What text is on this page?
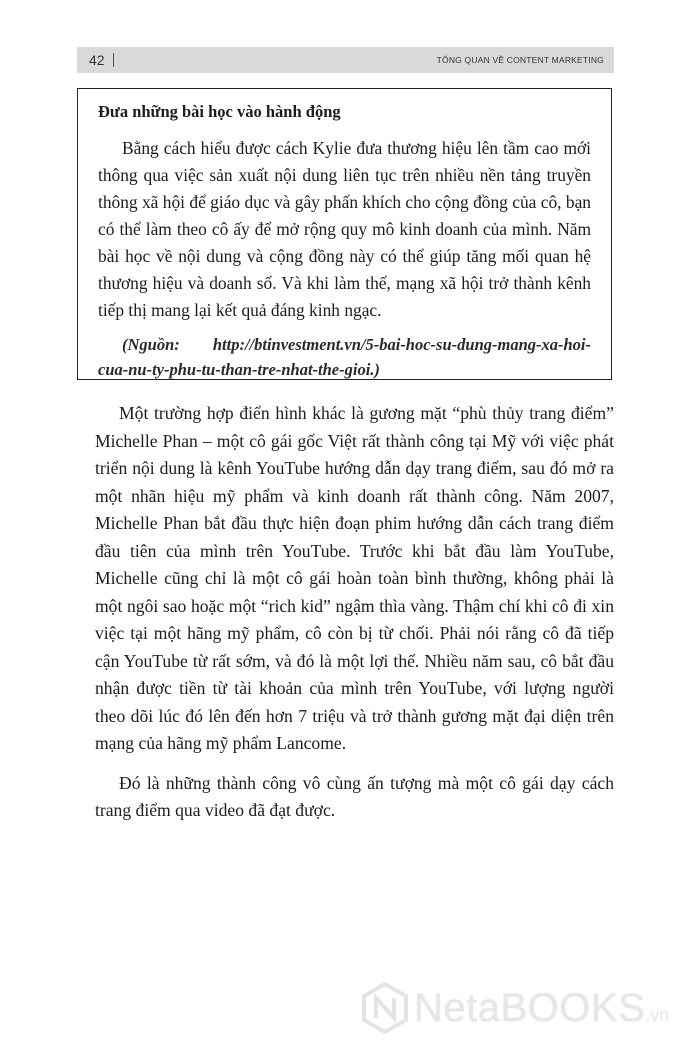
42	TỔNG QUAN VỀ CONTENT MARKETING

Đưa những bài học vào hành động

Bằng cách hiểu được cách Kylie đưa thương hiệu lên tầm cao mới thông qua việc sản xuất nội dung liên tục trên nhiều nền tảng truyền thông xã hội để giáo dục và gây phấn khích cho cộng đồng của cô, bạn có thể làm theo cô ấy để mở rộng quy mô kinh doanh của mình. Năm bài học về nội dung và cộng đồng này có thể giúp tăng mối quan hệ thương hiệu và doanh số. Và khi làm thế, mạng xã hội trở thành kênh tiếp thị mang lại kết quả đáng kinh ngạc.

(Nguồn: http://btinvestment.vn/5-bai-hoc-su-dung-mang-xa-hoi-cua-nu-ty-phu-tu-than-tre-nhat-the-gioi.)

Một trường hợp điển hình khác là gương mặt “phù thủy trang điểm” Michelle Phan – một cô gái gốc Việt rất thành công tại Mỹ với việc phát triển nội dung là kênh YouTube hướng dẫn dạy trang điểm, sau đó mở ra một nhãn hiệu mỹ phẩm và kinh doanh rất thành công. Năm 2007, Michelle Phan bắt đầu thực hiện đoạn phim hướng dẫn cách trang điểm đầu tiên của mình trên YouTube. Trước khi bắt đầu làm YouTube, Michelle cũng chỉ là một cô gái hoàn toàn bình thường, không phải là một ngôi sao hoặc một “rich kid” ngậm thìa vàng. Thậm chí khi cô đi xin việc tại một hãng mỹ phẩm, cô còn bị từ chối. Phải nói rằng cô đã tiếp cận YouTube từ rất sớm, và đó là một lợi thế. Nhiều năm sau, cô bắt đầu nhận được tiền từ tài khoản của mình trên YouTube, với lượng người theo dõi lúc đó lên đến hơn 7 triệu và trở thành gương mặt đại diện trên mạng của hãng mỹ phẩm Lancome.

Đó là những thành công vô cùng ấn tượng mà một cô gái dạy cách trang điểm qua video đã đạt được.

NetaBOOKS .vn
